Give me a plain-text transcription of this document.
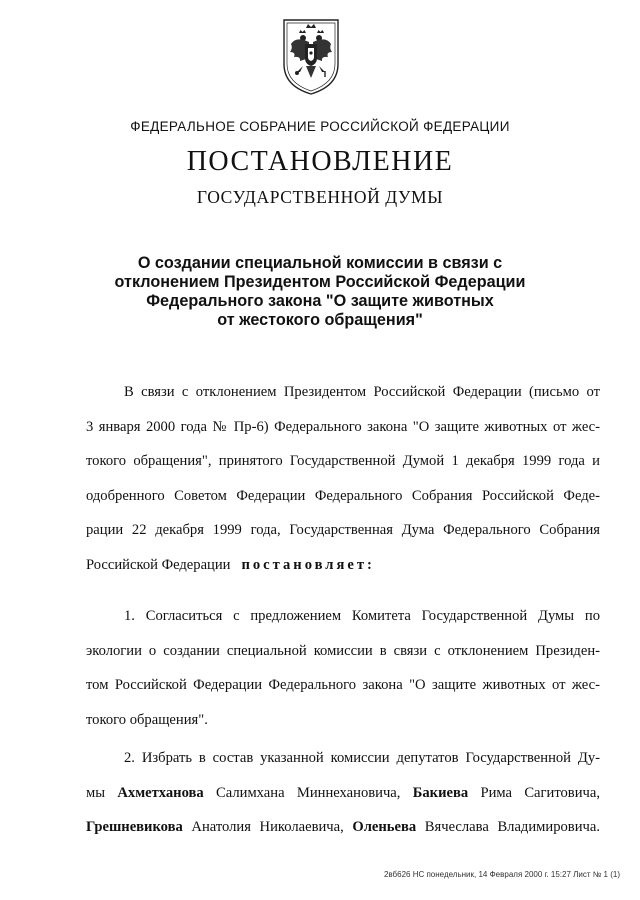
ФЕДЕРАЛЬНОЕ СОБРАНИЕ РОССИЙСКОЙ ФЕДЕРАЦИИ
ПОСТАНОВЛЕНИЕ
ГОСУДАРСТВЕННОЙ ДУМЫ
О создании специальной комиссии в связи с
отклонением Президентом Российской Федерации
Федерального закона "О защите животных
от жестокого обращения"

В связи с отклонением Президентом Российской Федерации (письмо от
3 января 2000 года № Пр-6) Федерального закона "О защите животных от жес-
токого обращения", принятого Государственной Думой 1 декабря 1999 года и
одобренного Советом Федерации Федерального Собрания Российской Феде-
рации 22 декабря 1999 года, Государственная Дума Федерального Собрания
Российской Федерации постановляет:

1. Согласиться с предложением Комитета Государственной Думы по
экологии о создании специальной комиссии в связи с отклонением Президен-
том Российской Федерации Федерального закона "О защите животных от жес-
токого обращения".

2. Избрать в состав указанной комиссии депутатов Государственной Ду-
мы Ахметханова Салимхана Миннехановича, Бакиева Рима Сагитовича,
Грешневикова Анатолия Николаевича, Оленьева Вячеслава Владимировича.

2вб626 НС понедельник, 14 Февраля 2000 г. 15:27 Лист № 1 (1)
